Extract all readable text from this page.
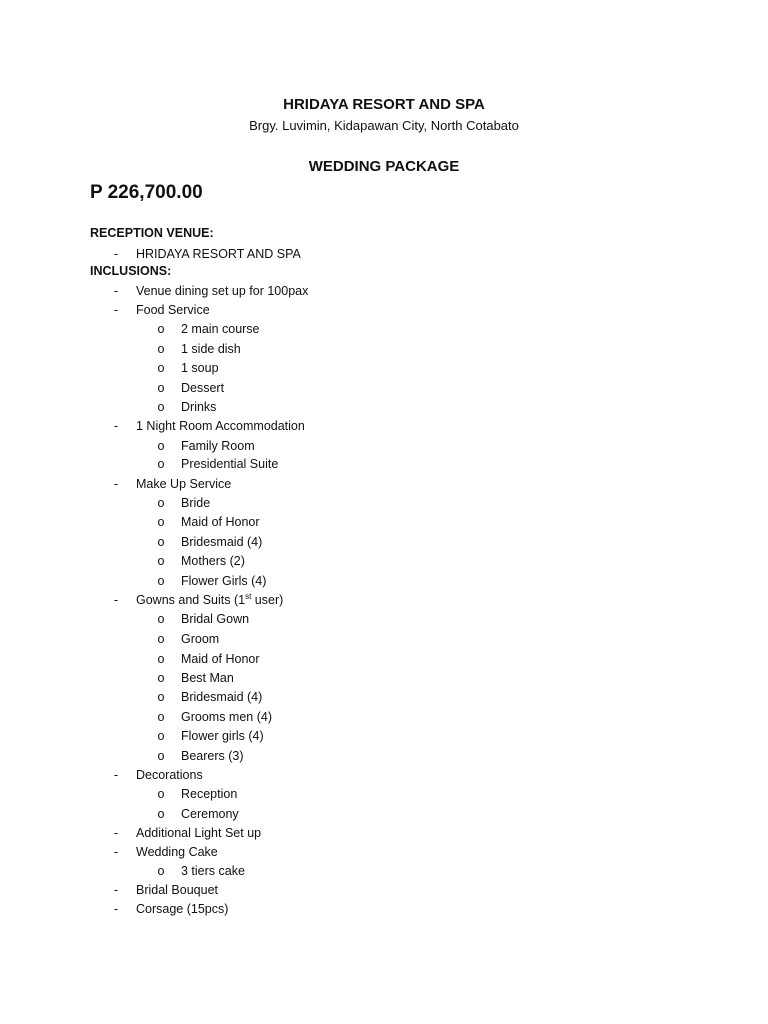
HRIDAYA RESORT AND SPA
Brgy. Luvimin, Kidapawan City, North Cotabato
WEDDING PACKAGE
P 226,700.00
RECEPTION VENUE:
-	HRIDAYA RESORT AND SPA
INCLUSIONS:
-	Venue dining set up for 100pax
-	Food Service
o 2 main course
o 1 side dish
o 1 soup
o Dessert
o Drinks
-	1 Night Room Accommodation
o Family Room
o Presidential Suite
-	Make Up Service
o Bride
o Maid of Honor
o Bridesmaid (4)
o Mothers (2)
o Flower Girls (4)
-	Gowns and Suits (1st user)
o Bridal Gown
o Groom
o Maid of Honor
o Best Man
o Bridesmaid (4)
o Grooms men (4)
o Flower girls (4)
o Bearers (3)
-	Decorations
o Reception
o Ceremony
-	Additional Light Set up
-	Wedding Cake
o 3 tiers cake
-	Bridal Bouquet
-	Corsage (15pcs)
